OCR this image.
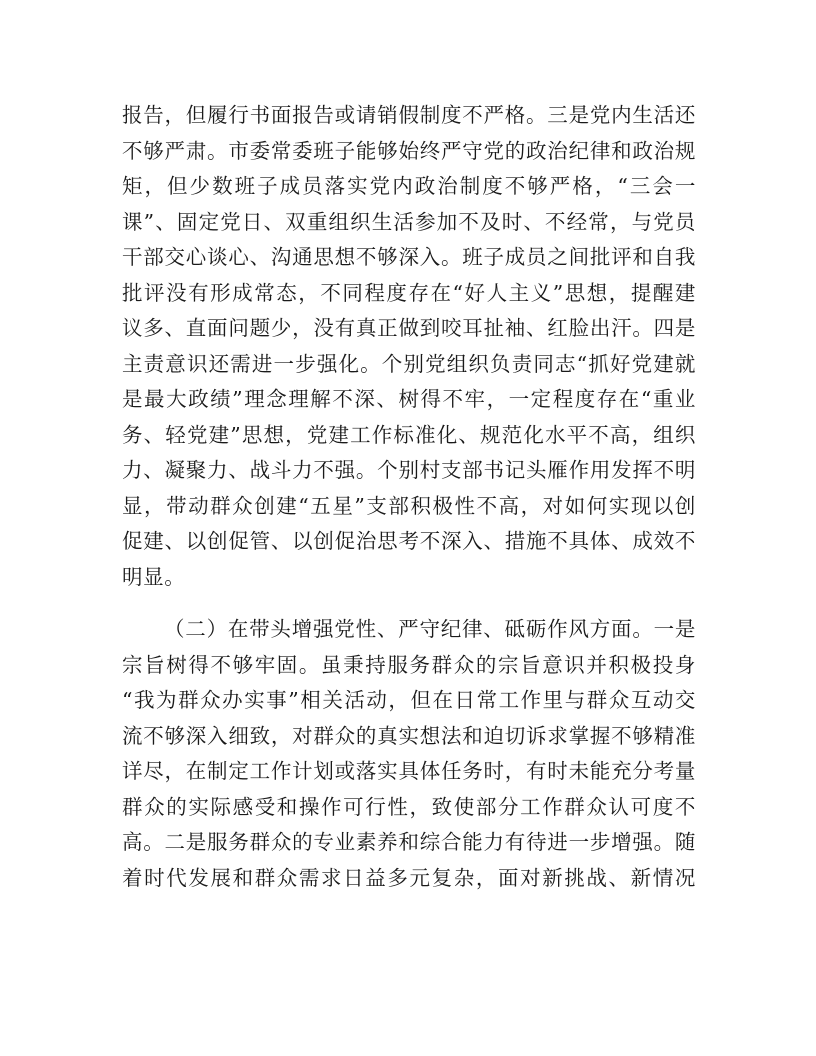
报告，但履行书面报告或请销假制度不严格。三是党内生活还
不够严肃。市委常委班子能够始终严守党的政治纪律和政治规
矩，但少数班子成员落实党内政治制度不够严格，“三会一
课”、固定党日、双重组织生活参加不及时、不经常，与党员
干部交心谈心、沟通思想不够深入。班子成员之间批评和自我
批评没有形成常态，不同程度存在“好人主义”思想，提醒建
议多、直面问题少，没有真正做到咬耳扯袖、红脸出汗。四是
主责意识还需进一步强化。个别党组织负责同志“抓好党建就
是最大政绩”理念理解不深、树得不牢，一定程度存在“重业
务、轻党建”思想，党建工作标准化、规范化水平不高，组织
力、凝聚力、战斗力不强。个别村支部书记头雁作用发挥不明
显，带动群众创建“五星”支部积极性不高，对如何实现以创
促建、以创促管、以创促治思考不深入、措施不具体、成效不
明显。
（二）在带头增强党性、严守纪律、砥砺作风方面。一是
宗旨树得不够牢固。虽秉持服务群众的宗旨意识并积极投身
“我为群众办实事”相关活动，但在日常工作里与群众互动交
流不够深入细致，对群众的真实想法和迫切诉求掌握不够精准
详尽，在制定工作计划或落实具体任务时，有时未能充分考量
群众的实际感受和操作可行性，致使部分工作群众认可度不
高。二是服务群众的专业素养和综合能力有待进一步增强。随
着时代发展和群众需求日益多元复杂，面对新挑战、新情况
